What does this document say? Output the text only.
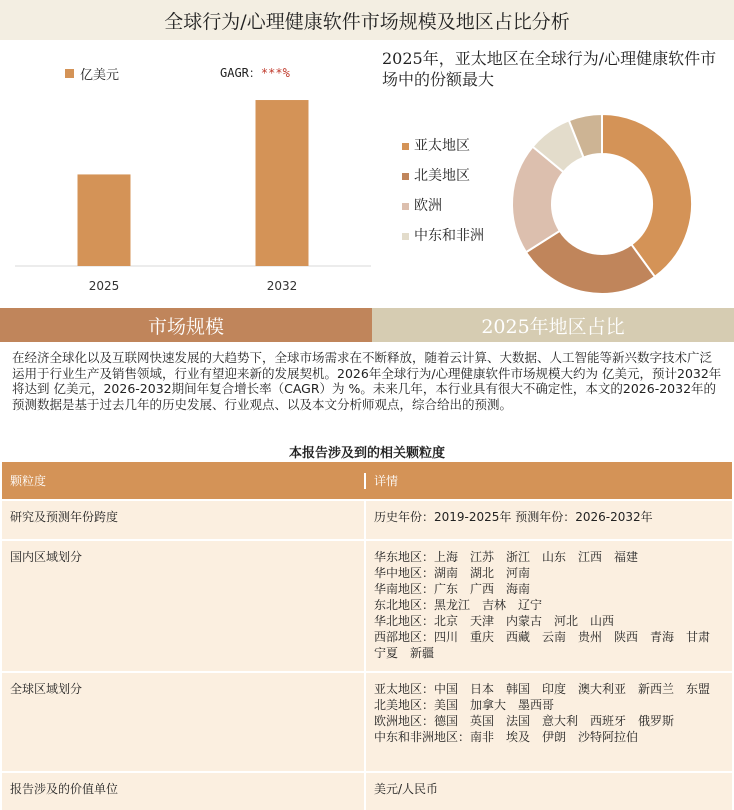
全球行为/心理健康软件市场规模及地区占比分析
2025	2032
亿美元	GAGR：***%
2025年，亚太地区在全球行为/心理健康软件市场中的份额最大
亚太地区
北美地区
欧洲
中东和非洲
市场规模	2025年地区占比
在经济全球化以及互联网快速发展的大趋势下，全球市场需求在不断释放，随着云计算、大数据、人工智能等新兴数字技术广泛运用于行业生产及销售领域，行业有望迎来新的发展契机。2026年全球行为/心理健康软件市场规模大约为 亿美元，预计2032年将达到 亿美元，2026-2032期间年复合增长率（CAGR）为 %。未来几年，本行业具有很大不确定性，本文的2026-2032年的预测数据是基于过去几年的历史发展、行业观点、以及本文分析师观点，综合给出的预测。
本报告涉及到的相关颗粒度
颗粒度	详情
研究及预测年份跨度	历史年份：2019-2025年 预测年份：2026-2032年
国内区域划分	华东地区：上海　江苏　浙江　山东　江西　福建
华中地区：湖南　湖北　河南
华南地区：广东　广西　海南
东北地区：黑龙江　吉林　辽宁
华北地区：北京　天津　内蒙古　河北　山西
西部地区：四川　重庆　西藏　云南　贵州　陕西　青海　甘肃　宁夏　新疆
全球区域划分	亚太地区：中国　日本　韩国　印度　澳大利亚　新西兰　东盟
北美地区：美国　加拿大　墨西哥
欧洲地区：德国　英国　法国　意大利　西班牙　俄罗斯
中东和非洲地区：南非　埃及　伊朗　沙特阿拉伯
报告涉及的价值单位	美元/人民币
